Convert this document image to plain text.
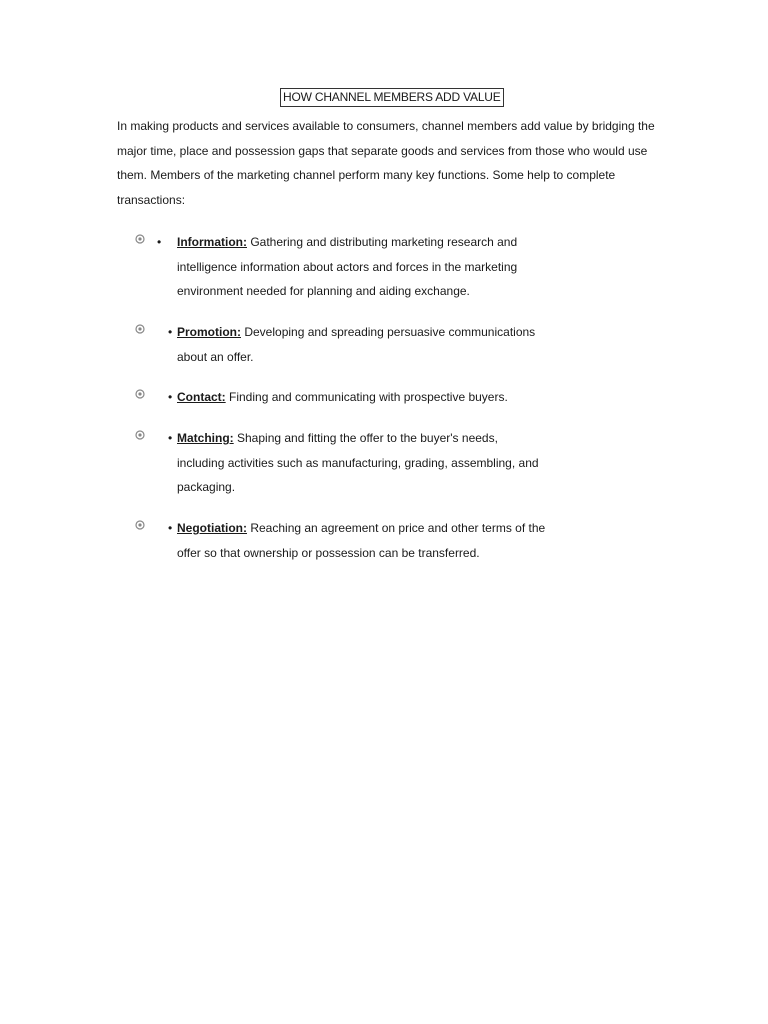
HOW CHANNEL MEMBERS ADD VALUE

In making products and services available to consumers, channel members add value by bridging the major time, place and possession gaps that separate goods and services from those who would use them. Members of the marketing channel perform many key functions. Some help to complete transactions:

• Information: Gathering and distributing marketing research and intelligence information about actors and forces in the marketing environment needed for planning and aiding exchange.

• Promotion: Developing and spreading persuasive communications about an offer.

• Contact: Finding and communicating with prospective buyers.

• Matching: Shaping and fitting the offer to the buyer's needs, including activities such as manufacturing, grading, assembling, and packaging.

• Negotiation: Reaching an agreement on price and other terms of the offer so that ownership or possession can be transferred.
